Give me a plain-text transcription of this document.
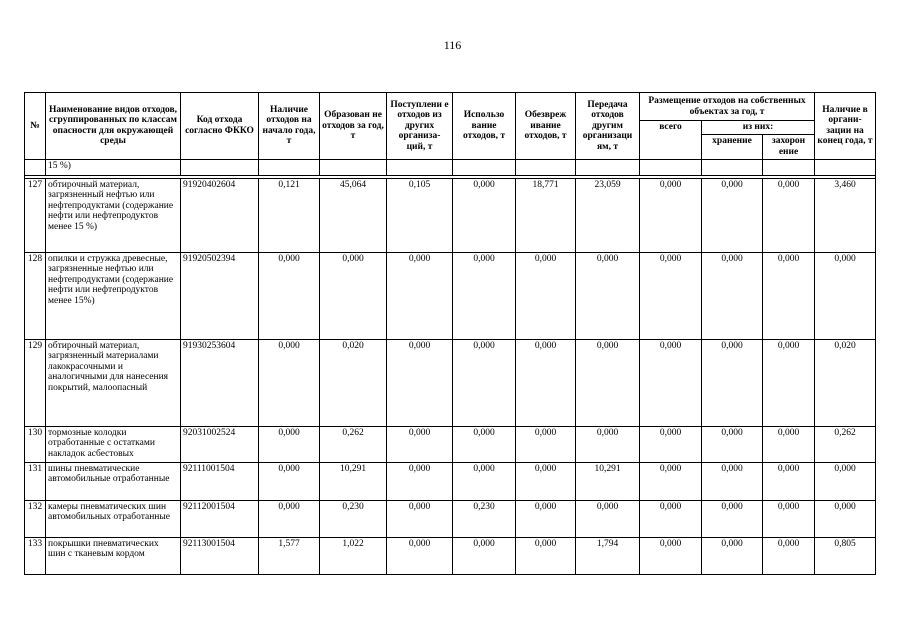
116
№	Наименование видов отходов, сгруппированных по классам опасности для окружающей среды	Код отхода согласно ФККО	Наличие отходов на начало года, т	Образован не отходов за год, т	Поступлени е отходов из других организа- ций, т	Использо вание отходов, т	Обезвреж ивание отходов, т	Передача отходов другим организаци ям, т	Размещение отходов на собственных объектах за год, т			Наличие в органи- зации на конец года, т
									всего	из них:		
										хранение	захорон ение	
	15 %)											

127	обтирочный материал, загрязненный нефтью или нефтепродуктами (содержание нефти или нефтепродуктов менее 15 %)	91920402604	0,121	45,064	0,105	0,000	18,771	23,059	0,000	0,000	0,000	3,460
128	опилки и стружка древесные, загрязненные нефтью или нефтепродуктами (содержание нефти или нефтепродуктов менее 15%)	91920502394	0,000	0,000	0,000	0,000	0,000	0,000	0,000	0,000	0,000	0,000
129	обтирочный материал, загрязненный материалами лакокрасочными и аналогичными для нанесения покрытий, малоопасный	91930253604	0,000	0,020	0,000	0,000	0,000	0,000	0,000	0,000	0,000	0,020
130	тормозные колодки отработанные с остатками накладок асбестовых	92031002524	0,000	0,262	0,000	0,000	0,000	0,000	0,000	0,000	0,000	0,262
131	шины пневматические автомобильные отработанные	92111001504	0,000	10,291	0,000	0,000	0,000	10,291	0,000	0,000	0,000	0,000
132	камеры пневматических шин автомобильных отработанные	92112001504	0,000	0,230	0,000	0,230	0,000	0,000	0,000	0,000	0,000	0,000
133	покрышки пневматических шин с тканевым кордом	92113001504	1,577	1,022	0,000	0,000	0,000	1,794	0,000	0,000	0,000	0,805
